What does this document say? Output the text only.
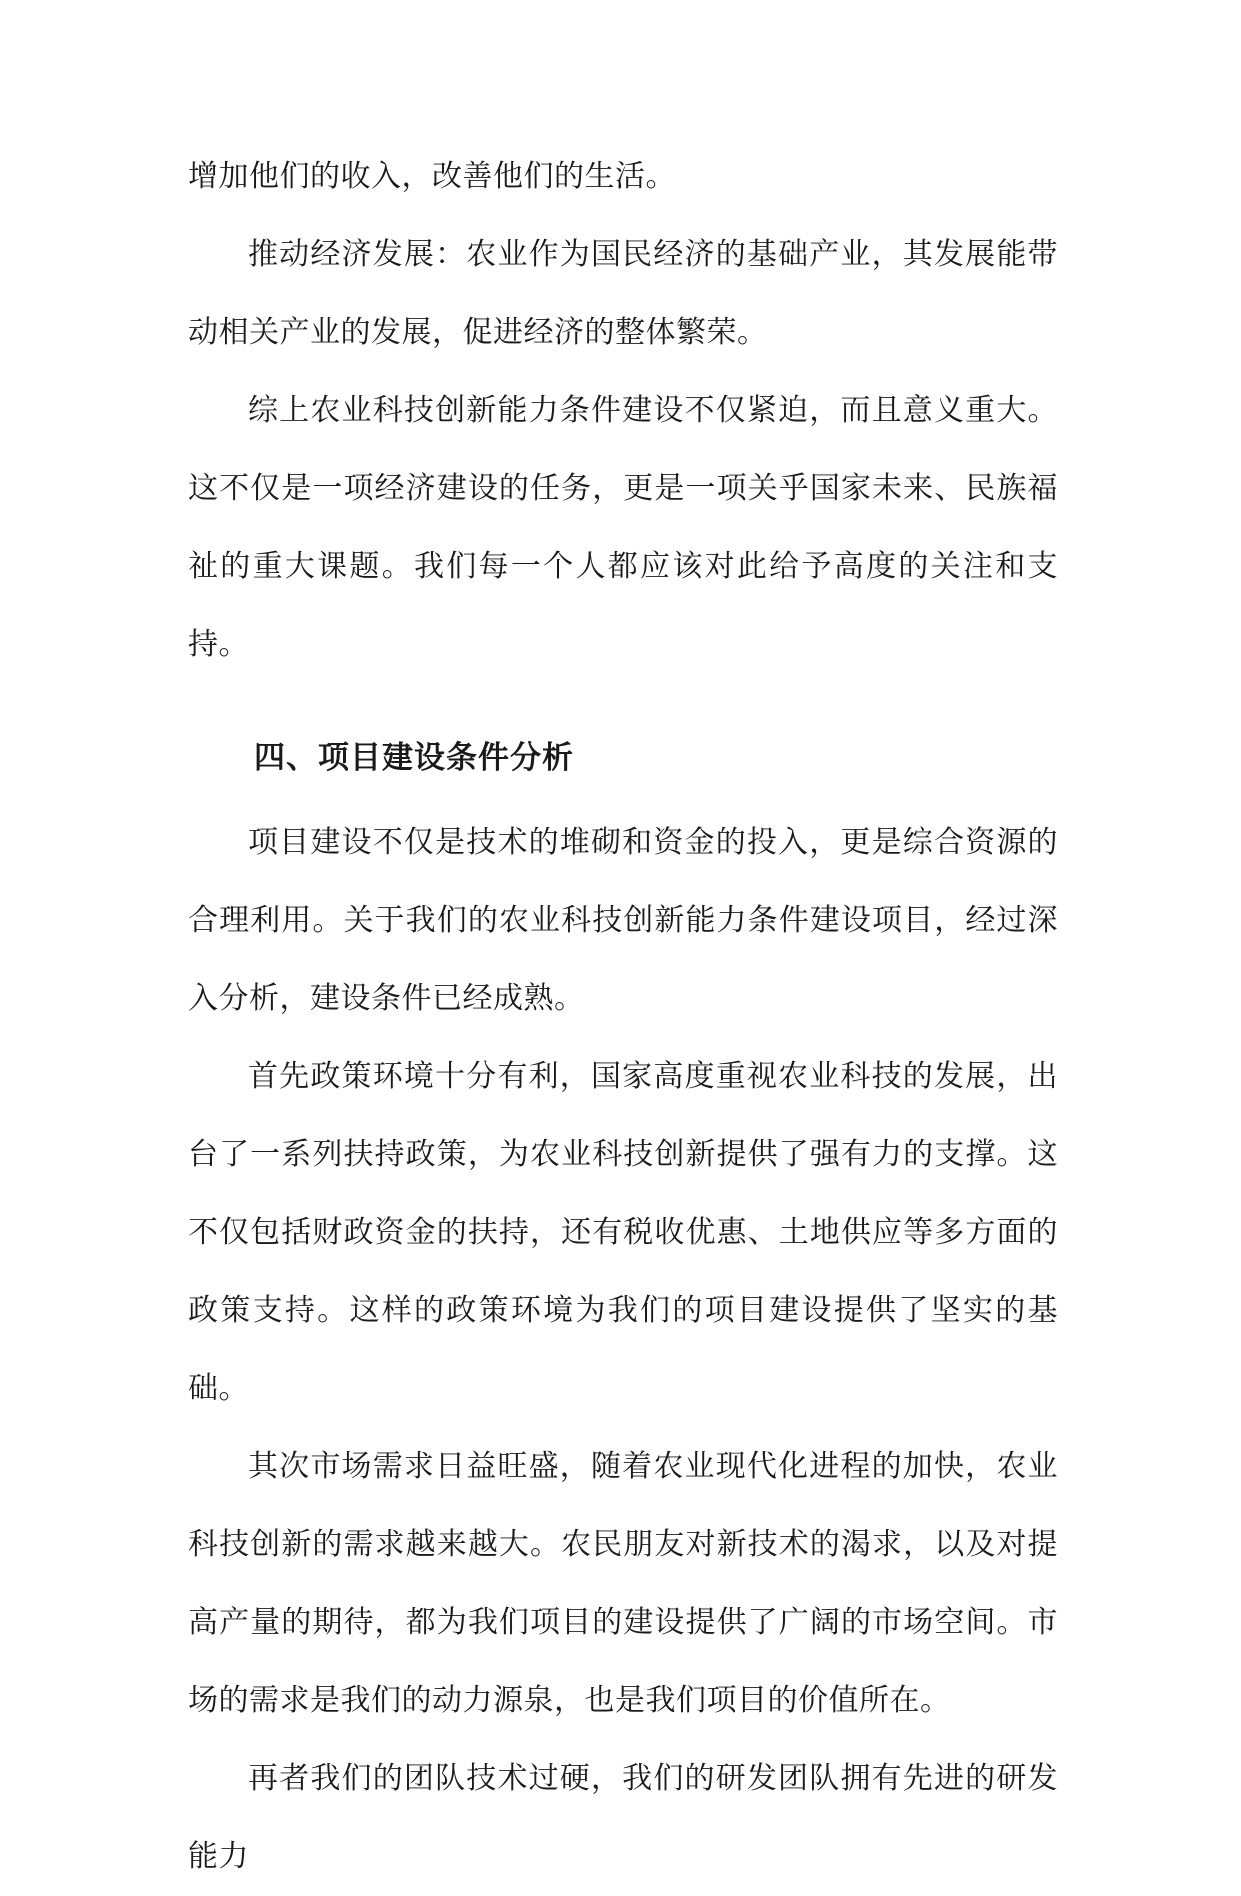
增加他们的收入，改善他们的生活。

推动经济发展：农业作为国民经济的基础产业，其发展能带动相关产业的发展，促进经济的整体繁荣。

综上农业科技创新能力条件建设不仅紧迫，而且意义重大。这不仅是一项经济建设的任务，更是一项关乎国家未来、民族福祉的重大课题。我们每一个人都应该对此给予高度的关注和支持。

四、项目建设条件分析

项目建设不仅是技术的堆砌和资金的投入，更是综合资源的合理利用。关于我们的农业科技创新能力条件建设项目，经过深入分析，建设条件已经成熟。

首先政策环境十分有利，国家高度重视农业科技的发展，出台了一系列扶持政策，为农业科技创新提供了强有力的支撑。这不仅包括财政资金的扶持，还有税收优惠、土地供应等多方面的政策支持。这样的政策环境为我们的项目建设提供了坚实的基础。

其次市场需求日益旺盛，随着农业现代化进程的加快，农业科技创新的需求越来越大。农民朋友对新技术的渴求，以及对提高产量的期待，都为我们项目的建设提供了广阔的市场空间。市场的需求是我们的动力源泉，也是我们项目的价值所在。

再者我们的团队技术过硬，我们的研发团队拥有先进的研发能力
